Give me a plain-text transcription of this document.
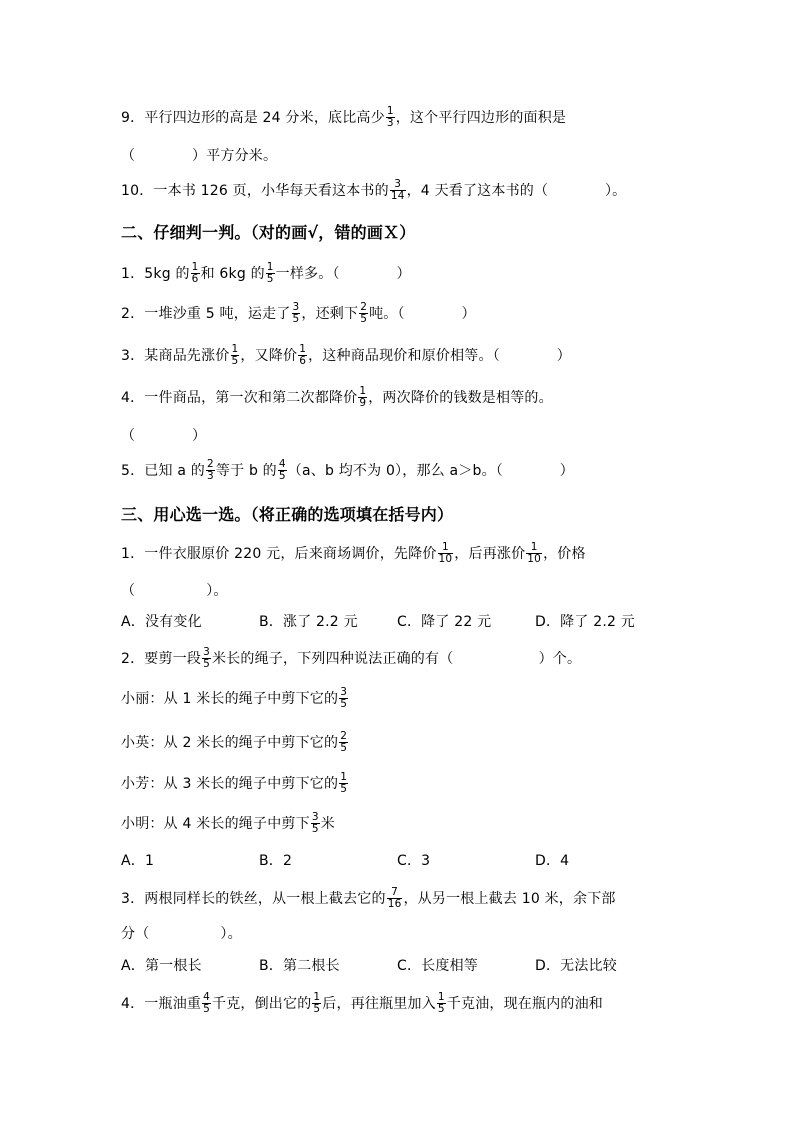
9．平行四边形的高是 24 分米，底比高少 $\frac{1}{3}$ ，这个平行四边形的面积是
（　　　　）平方分米。
10．一本书 126 页，小华每天看这本书的 $\frac{3}{14}$ ，4 天看了这本书的（　　　　）。
二、仔细判一判。（对的画√，错的画Ｘ）
1．5kg 的 $\frac{1}{6}$ 和 6kg 的 $\frac{1}{5}$ 一样多。（　　　　）
2．一堆沙重 5 吨，运走了 $\frac{3}{5}$ ，还剩下 $\frac{2}{5}$ 吨。（　　　　）
3．某商品先涨价 $\frac{1}{5}$ ，又降价 $\frac{1}{6}$ ，这种商品现价和原价相等。（　　　　）
4．一件商品，第一次和第二次都降价 $\frac{1}{9}$ ，两次降价的钱数是相等的。
（　　　　）
5．已知 a 的 $\frac{2}{3}$ 等于 b 的 $\frac{4}{5} (a$、b 均不为 0），那么 a＞b。（　　　　）
三、用心选一选。（将正确的选项填在括号内）
1．一件衣服原价 220 元，后来商场调价，先降价 $\frac{1}{10}$ ，后再涨价 $\frac{1}{10}$ ，价格
（　　　　　）。
A．没有变化	B．涨了 2.2 元	C．降了 22 元	D．降了 2.2 元
2．要剪一段 $\frac{3}{5}$ 米长的绳子，下列四种说法正确的有（　　　　　　）个。
小丽：从 1 米长的绳子中剪下它的 $\frac{3}{5}$
小英：从 2 米长的绳子中剪下它的 $\frac{2}{5}$
小芳：从 3 米长的绳子中剪下它的 $\frac{1}{5}$
小明：从 4 米长的绳子中剪下 $\frac{3}{5}$ 米
A．1	B．2	C．3	D．4
3．两根同样长的铁丝，从一根上截去它的 $\frac{7}{16}$ ，从另一根上截去 10 米，余下部
分（　　　　　）。
A．第一根长	B．第二根长	C．长度相等	D．无法比较
4．一瓶油重 $\frac{4}{5}$ 千克，倒出它的 $\frac{1}{5}$ 后，再往瓶里加入 $\frac{1}{5}$ 千克油，现在瓶内的油和
